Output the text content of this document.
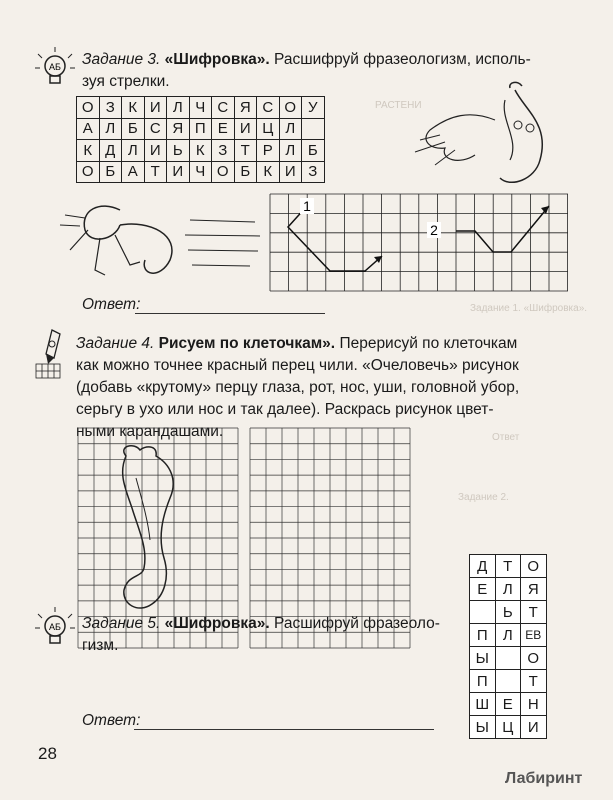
РАСТЕНИ
Задание 1. «Шифровка».
Ответ
Задание 2.
АБ Задание 3. «Шифровка». Расшифруй фразеологизм, исполь-
зуя стрелки.
О	З	К	И	Л	Ч	С	Я	С	О	У
А	Л	Б	С	Я	П	Е	И	Ц	Л	
К	Д	Л	И	Ь	К	З	Т	Р	Л	Б
О	Б	А	Т	И	Ч	О	Б	К	И	З
1
2
Ответ:
Задание 4. Рисуем по клеточкам». Перерисуй по клеточкам
как можно точнее красный перец чили. «Очеловечь» рисунок
(добавь «крутому» перцу глаза, рот, нос, уши, головной убор,
серьгу в ухо или нос и так далее). Раскрась рисунок цвет-
ными карандашами.
АБ Задание 5. «Шифровка». Расшифруй фразеоло-
гизм.
Д	Т	О
Е	Л	Я
	Ь	Т
П	Л	ЕВ
Ы		О
П		Т
Ш	Е	Н
Ы	Ц	И
Ответ:
28
Лабиринт
